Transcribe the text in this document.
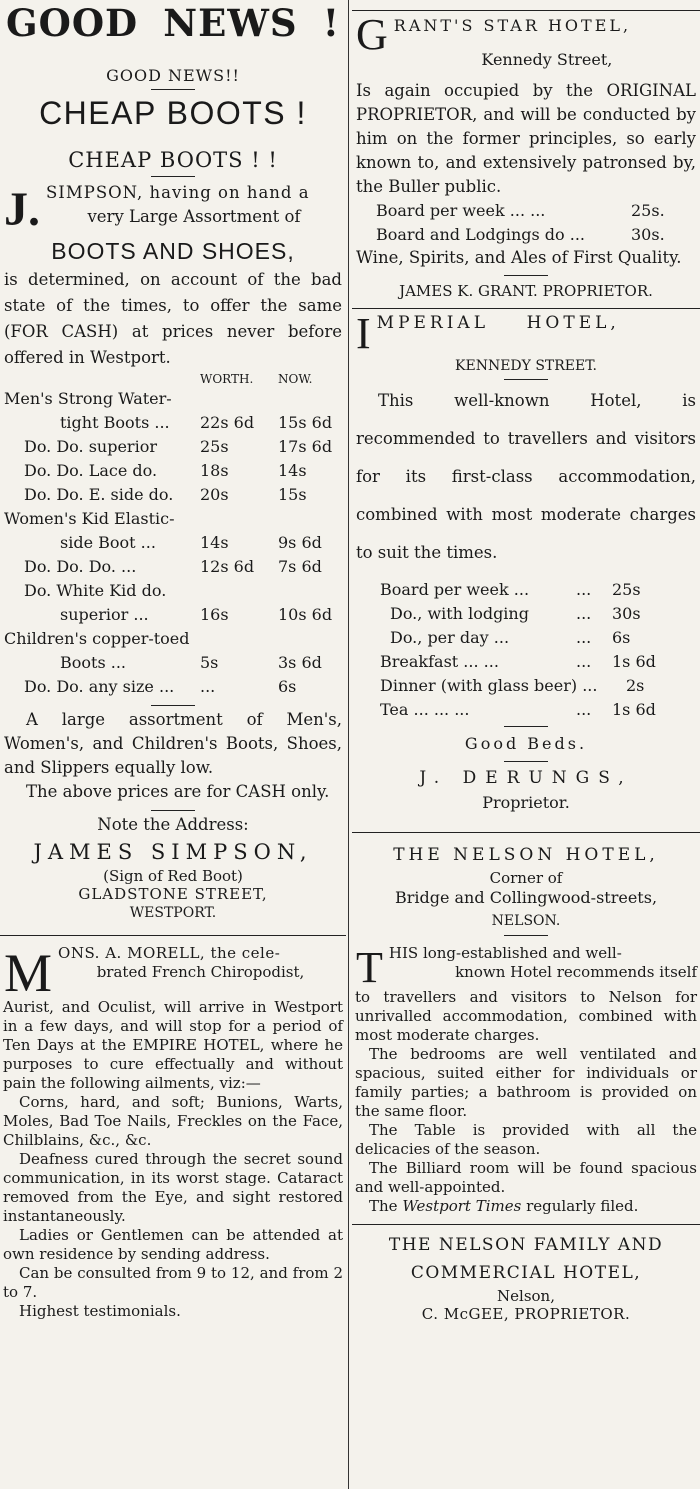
GOOD NEWS !
GOOD NEWS!!
CHEAP BOOTS !
CHEAP BOOTS ! !
J. SIMPSON, having on hand a
very Large Assortment of
BOOTS AND SHOES,
is determined, on account of the bad state of the times, to offer the same (FOR CASH) at prices never before offered in Westport.
WORTH.	NOW.
Men's Strong Water-
tight Boots ...	22s 6d	15s 6d
Do. Do. superior	25s	17s 6d
Do. Do. Lace do.	18s	14s
Do. Do. E. side do.	20s	15s
Women's Kid Elastic-
side Boot ...	14s	9s 6d
Do. Do. Do. ...	12s 6d	7s 6d
Do. White Kid do.
superior ...	16s	10s 6d
Children's copper-toed
Boots ...	5s	3s 6d
Do. Do. any size ...	...	6s
A large assortment of Men's, Women's, and Children's Boots, Shoes, and Slippers equally low.
The above prices are for CASH only.
Note the Address:
JAMES SIMPSON,
(Sign of Red Boot)
GLADSTONE STREET,
WESTPORT.
M ONS. A. MORELL, the cele-
brated French Chiropodist,
Aurist, and Oculist, will arrive in Westport in a few days, and will stop for a period of Ten Days at the EMPIRE HOTEL, where he purposes to cure effectually and without pain the following ailments, viz:—
Corns, hard, and soft; Bunions, Warts, Moles, Bad Toe Nails, Freckles on the Face, Chilblains, &c., &c.
Deafness cured through the secret sound communication, in its worst stage. Cataract removed from the Eye, and sight restored instantaneously.
Ladies or Gentlemen can be attended at own residence by sending address.
Can be consulted from 9 to 12, and from 2 to 7.
Highest testimonials.
G RANT'S STAR HOTEL,
Kennedy Street,
Is again occupied by the ORIGINAL PROPRIETOR, and will be conducted by him on the former principles, so early known to, and extensively patronsed by, the Buller public.
Board per week ... ...	25s.
Board and Lodgings do ...	30s.
Wine, Spirits, and Ales of First Quality.
JAMES K. GRANT. PROPRIETOR.
I MPERIAL    HOTEL,
KENNEDY STREET.
This well-known Hotel, is recommended to travellers and visitors for its first-class accommodation, combined with most moderate charges to suit the times.
Board per week ...	...	25s
Do., with lodging	...	30s
Do., per day ...	...	6s
Breakfast ... ...	...	1s 6d
Dinner (with glass beer) ...	2s
Tea ... ... ...	...	1s 6d
Good Beds.
J. DERUNGS,
Proprietor.
THE NELSON HOTEL,
Corner of
Bridge and Collingwood-streets,
NELSON.
T HIS long-established and well-
known Hotel recommends itself
to travellers and visitors to Nelson for unrivalled accommodation, combined with most moderate charges.
The bedrooms are well ventilated and spacious, suited either for individuals or family parties; a bathroom is provided on the same floor.
The Table is provided with all the delicacies of the season.
The Billiard room will be found spacious and well-appointed.
The Westport Times regularly filed.
THE NELSON FAMILY AND
COMMERCIAL HOTEL,
Nelson,
C. McGEE, PROPRIETOR.
